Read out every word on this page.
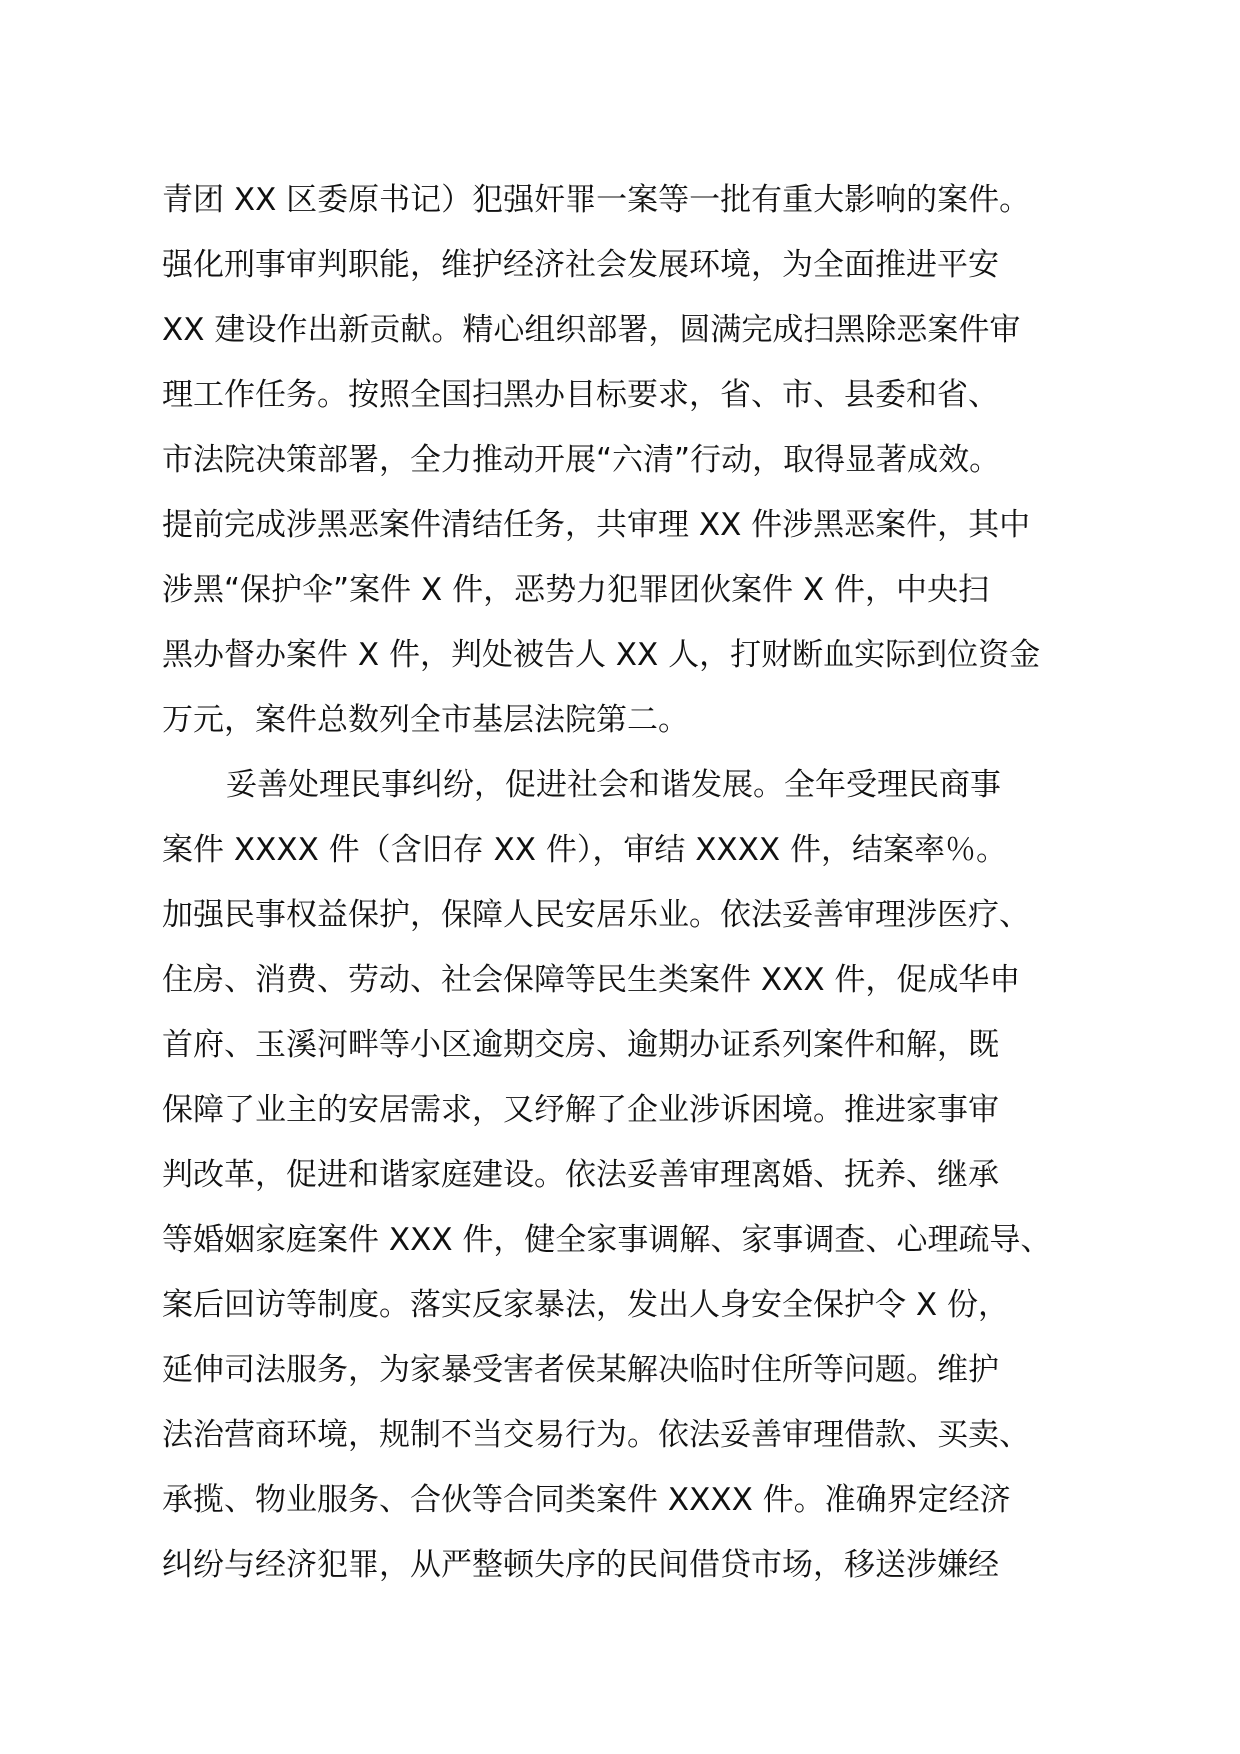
青团 XX 区委原书记）犯强奸罪一案等一批有重大影响的案件。
强化刑事审判职能，维护经济社会发展环境，为全面推进平安
XX 建设作出新贡献。精心组织部署，圆满完成扫黑除恶案件审
理工作任务。按照全国扫黑办目标要求，省、市、县委和省、
市法院决策部署，全力推动开展“六清”行动，取得显著成效。
提前完成涉黑恶案件清结任务，共审理 XX 件涉黑恶案件，其中
涉黑“保护伞”案件 X 件，恶势力犯罪团伙案件 X 件，中央扫
黑办督办案件 X 件，判处被告人 XX 人，打财断血实际到位资金
万元，案件总数列全市基层法院第二。
妥善处理民事纠纷，促进社会和谐发展。全年受理民商事
案件 XXXX 件（含旧存 XX 件），审结 XXXX 件，结案率％。
加强民事权益保护，保障人民安居乐业。依法妥善审理涉医疗、
住房、消费、劳动、社会保障等民生类案件 XXX 件，促成华申
首府、玉溪河畔等小区逾期交房、逾期办证系列案件和解，既
保障了业主的安居需求，又纾解了企业涉诉困境。推进家事审
判改革，促进和谐家庭建设。依法妥善审理离婚、抚养、继承
等婚姻家庭案件 XXX 件，健全家事调解、家事调查、心理疏导、
案后回访等制度。落实反家暴法，发出人身安全保护令 X 份，
延伸司法服务，为家暴受害者侯某解决临时住所等问题。维护
法治营商环境，规制不当交易行为。依法妥善审理借款、买卖、
承揽、物业服务、合伙等合同类案件 XXXX 件。准确界定经济
纠纷与经济犯罪，从严整顿失序的民间借贷市场，移送涉嫌经
